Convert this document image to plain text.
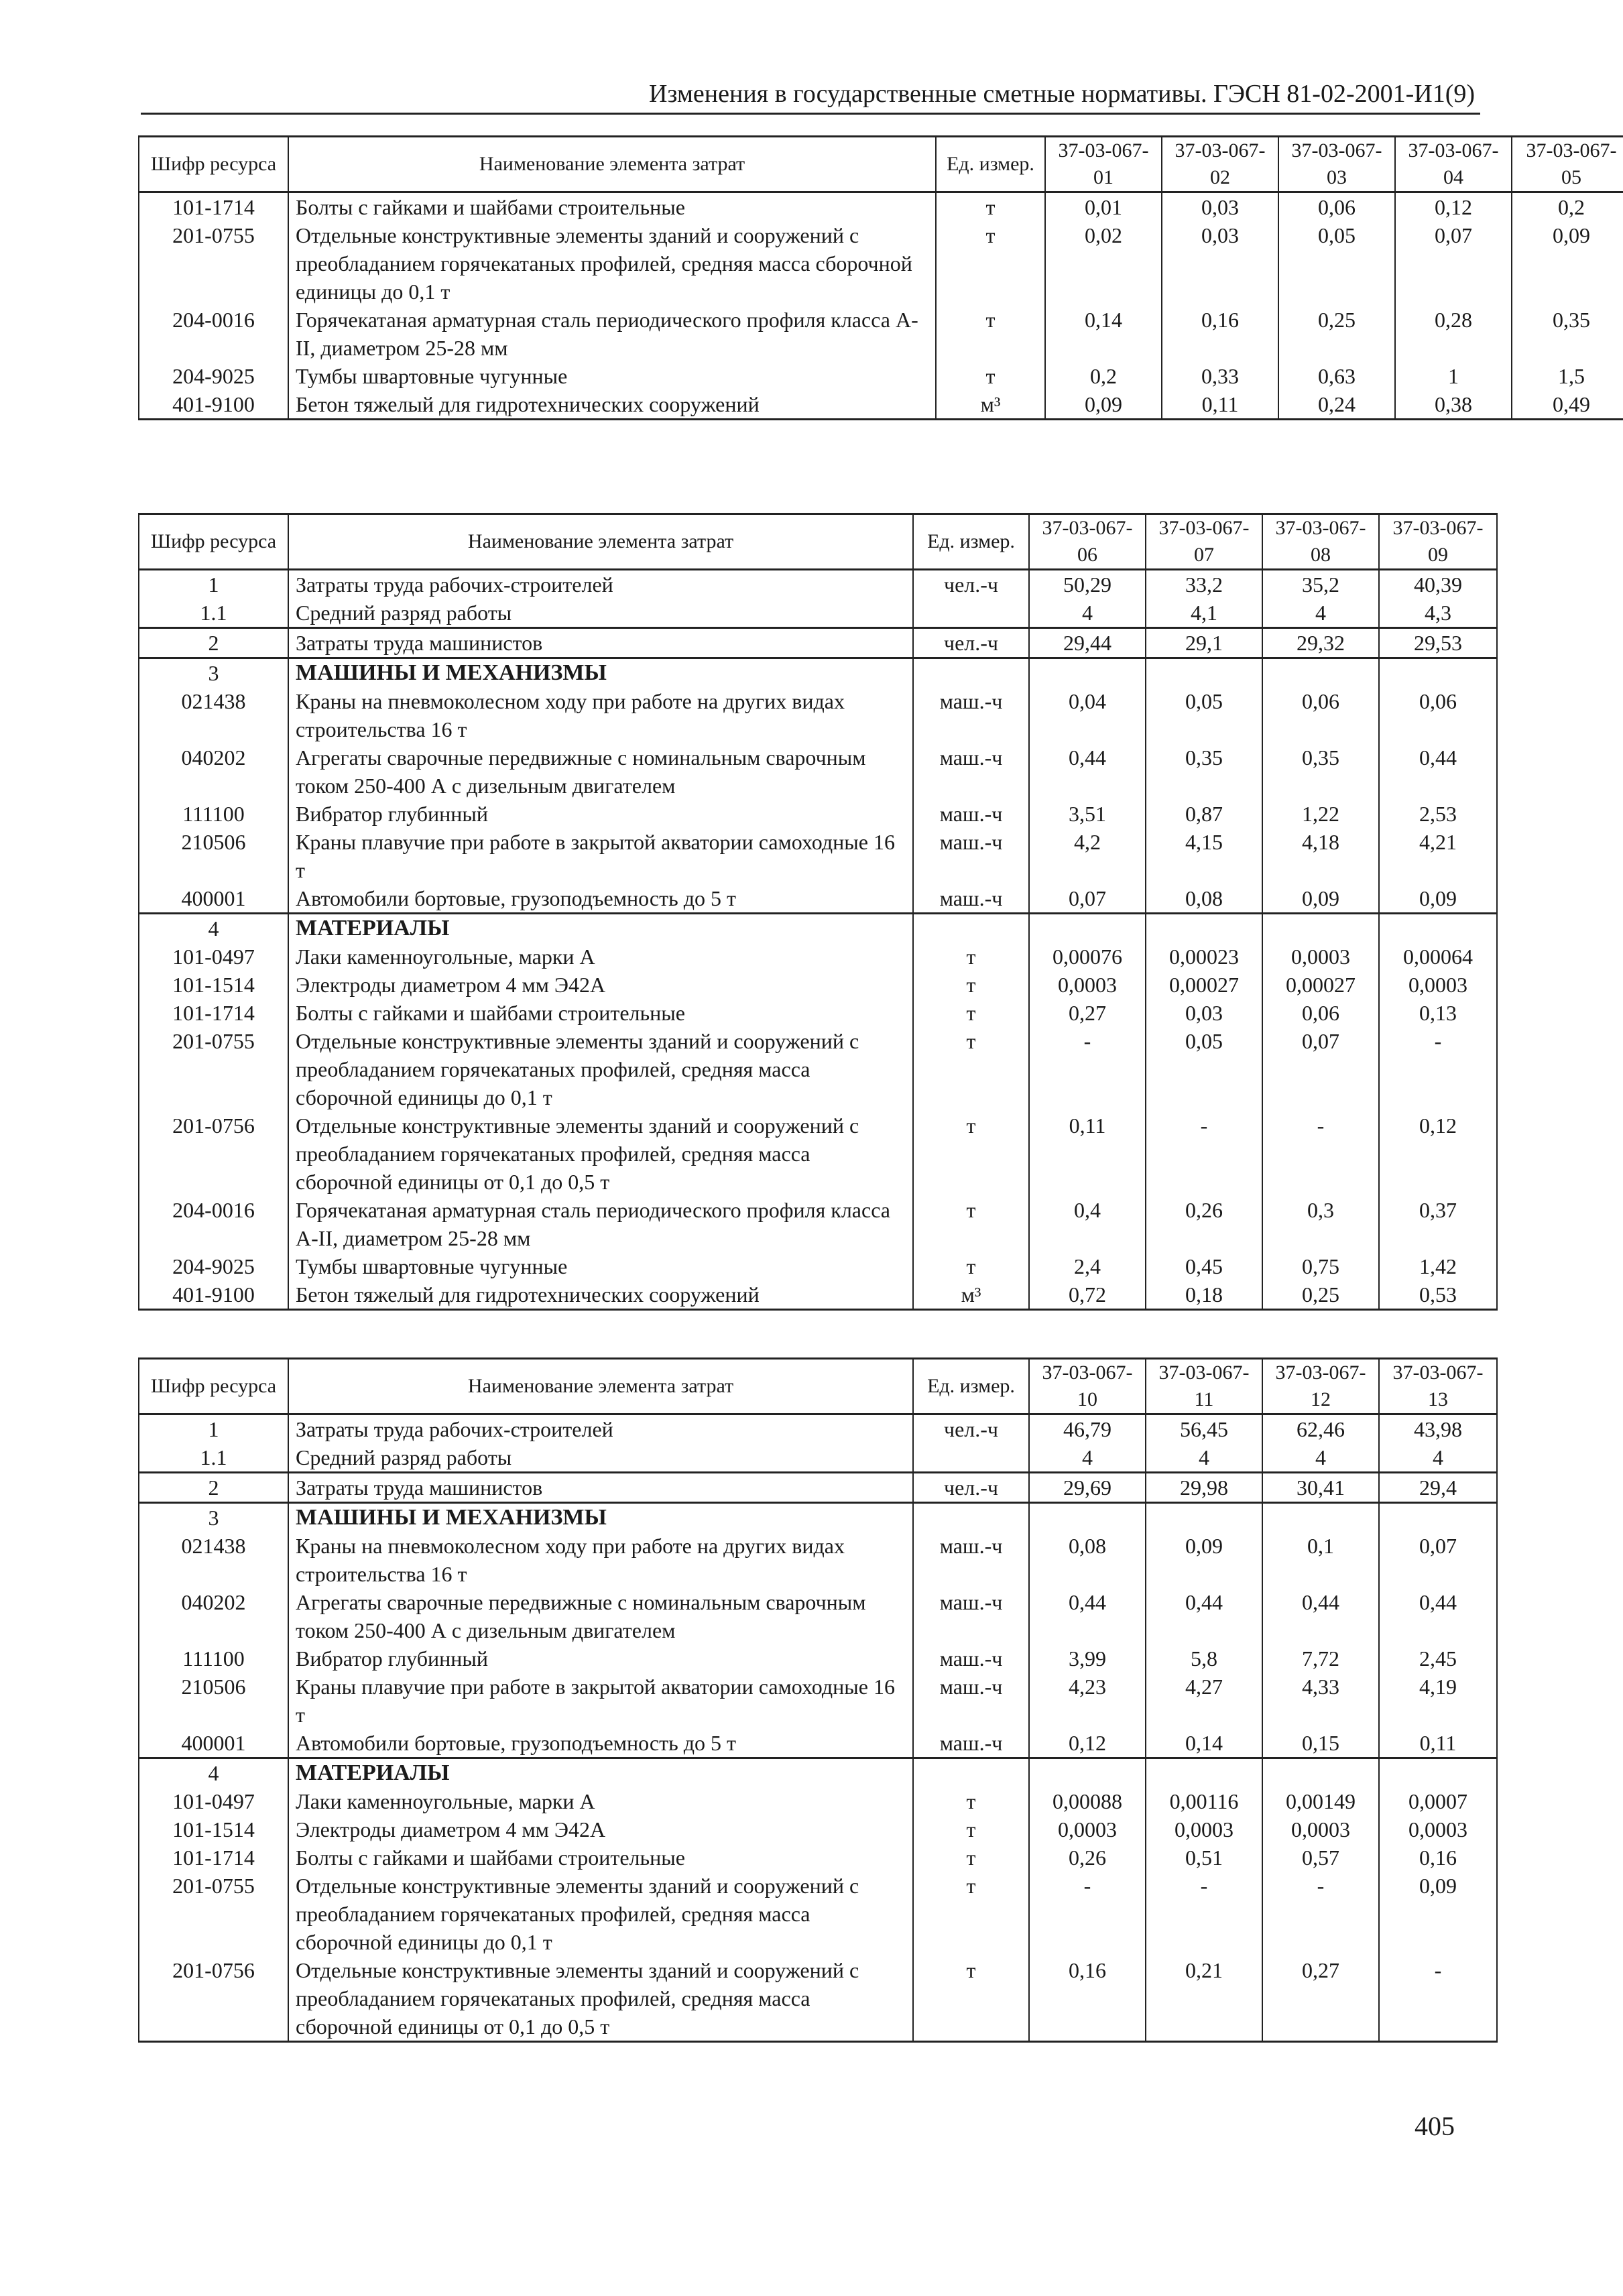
Изменения в государственные сметные нормативы. ГЭСН 81-02-2001-И1(9)
Шифр ресурса	Наименование элемента затрат	Ед. измер.	37-03-067-01	37-03-067-02	37-03-067-03	37-03-067-04	37-03-067-05
101-1714	Болты с гайками и шайбами строительные	т	0,01	0,03	0,06	0,12	0,2
201-0755	Отдельные конструктивные элементы зданий и сооружений с преобладанием горячекатаных профилей, средняя масса сборочной единицы до 0,1 т	т	0,02	0,03	0,05	0,07	0,09
204-0016	Горячекатаная арматурная сталь периодического профиля класса А-II, диаметром 25-28 мм	т	0,14	0,16	0,25	0,28	0,35
204-9025	Тумбы швартовные чугунные	т	0,2	0,33	0,63	1	1,5
401-9100	Бетон тяжелый для гидротехнических сооружений	м³	0,09	0,11	0,24	0,38	0,49
Шифр ресурса	Наименование элемента затрат	Ед. измер.	37-03-067-06	37-03-067-07	37-03-067-08	37-03-067-09
1	Затраты труда рабочих-строителей	чел.-ч	50,29	33,2	35,2	40,39
1.1	Средний разряд работы		4	4,1	4	4,3
2	Затраты труда машинистов	чел.-ч	29,44	29,1	29,32	29,53
3	МАШИНЫ И МЕХАНИЗМЫ					
021438	Краны на пневмоколесном ходу при работе на других видах строительства 16 т	маш.-ч	0,04	0,05	0,06	0,06
040202	Агрегаты сварочные передвижные с номинальным сварочным током 250-400 А с дизельным двигателем	маш.-ч	0,44	0,35	0,35	0,44
111100	Вибратор глубинный	маш.-ч	3,51	0,87	1,22	2,53
210506	Краны плавучие при работе в закрытой акватории самоходные 16 т	маш.-ч	4,2	4,15	4,18	4,21
400001	Автомобили бортовые, грузоподъемность до 5 т	маш.-ч	0,07	0,08	0,09	0,09
4	МАТЕРИАЛЫ					
101-0497	Лаки каменноугольные, марки А	т	0,00076	0,00023	0,0003	0,00064
101-1514	Электроды диаметром 4 мм Э42А	т	0,0003	0,00027	0,00027	0,0003
101-1714	Болты с гайками и шайбами строительные	т	0,27	0,03	0,06	0,13
201-0755	Отдельные конструктивные элементы зданий и сооружений с преобладанием горячекатаных профилей, средняя масса сборочной единицы до 0,1 т	т	-	0,05	0,07	-
201-0756	Отдельные конструктивные элементы зданий и сооружений с преобладанием горячекатаных профилей, средняя масса сборочной единицы от 0,1 до 0,5 т	т	0,11	-	-	0,12
204-0016	Горячекатаная арматурная сталь периодического профиля класса А-II, диаметром 25-28 мм	т	0,4	0,26	0,3	0,37
204-9025	Тумбы швартовные чугунные	т	2,4	0,45	0,75	1,42
401-9100	Бетон тяжелый для гидротехнических сооружений	м³	0,72	0,18	0,25	0,53
Шифр ресурса	Наименование элемента затрат	Ед. измер.	37-03-067-10	37-03-067-11	37-03-067-12	37-03-067-13
1	Затраты труда рабочих-строителей	чел.-ч	46,79	56,45	62,46	43,98
1.1	Средний разряд работы		4	4	4	4
2	Затраты труда машинистов	чел.-ч	29,69	29,98	30,41	29,4
3	МАШИНЫ И МЕХАНИЗМЫ					
021438	Краны на пневмоколесном ходу при работе на других видах строительства 16 т	маш.-ч	0,08	0,09	0,1	0,07
040202	Агрегаты сварочные передвижные с номинальным сварочным током 250-400 А с дизельным двигателем	маш.-ч	0,44	0,44	0,44	0,44
111100	Вибратор глубинный	маш.-ч	3,99	5,8	7,72	2,45
210506	Краны плавучие при работе в закрытой акватории самоходные 16 т	маш.-ч	4,23	4,27	4,33	4,19
400001	Автомобили бортовые, грузоподъемность до 5 т	маш.-ч	0,12	0,14	0,15	0,11
4	МАТЕРИАЛЫ					
101-0497	Лаки каменноугольные, марки А	т	0,00088	0,00116	0,00149	0,0007
101-1514	Электроды диаметром 4 мм Э42А	т	0,0003	0,0003	0,0003	0,0003
101-1714	Болты с гайками и шайбами строительные	т	0,26	0,51	0,57	0,16
201-0755	Отдельные конструктивные элементы зданий и сооружений с преобладанием горячекатаных профилей, средняя масса сборочной единицы до 0,1 т	т	-	-	-	0,09
201-0756	Отдельные конструктивные элементы зданий и сооружений с преобладанием горячекатаных профилей, средняя масса сборочной единицы от 0,1 до 0,5 т	т	0,16	0,21	0,27	-
405
